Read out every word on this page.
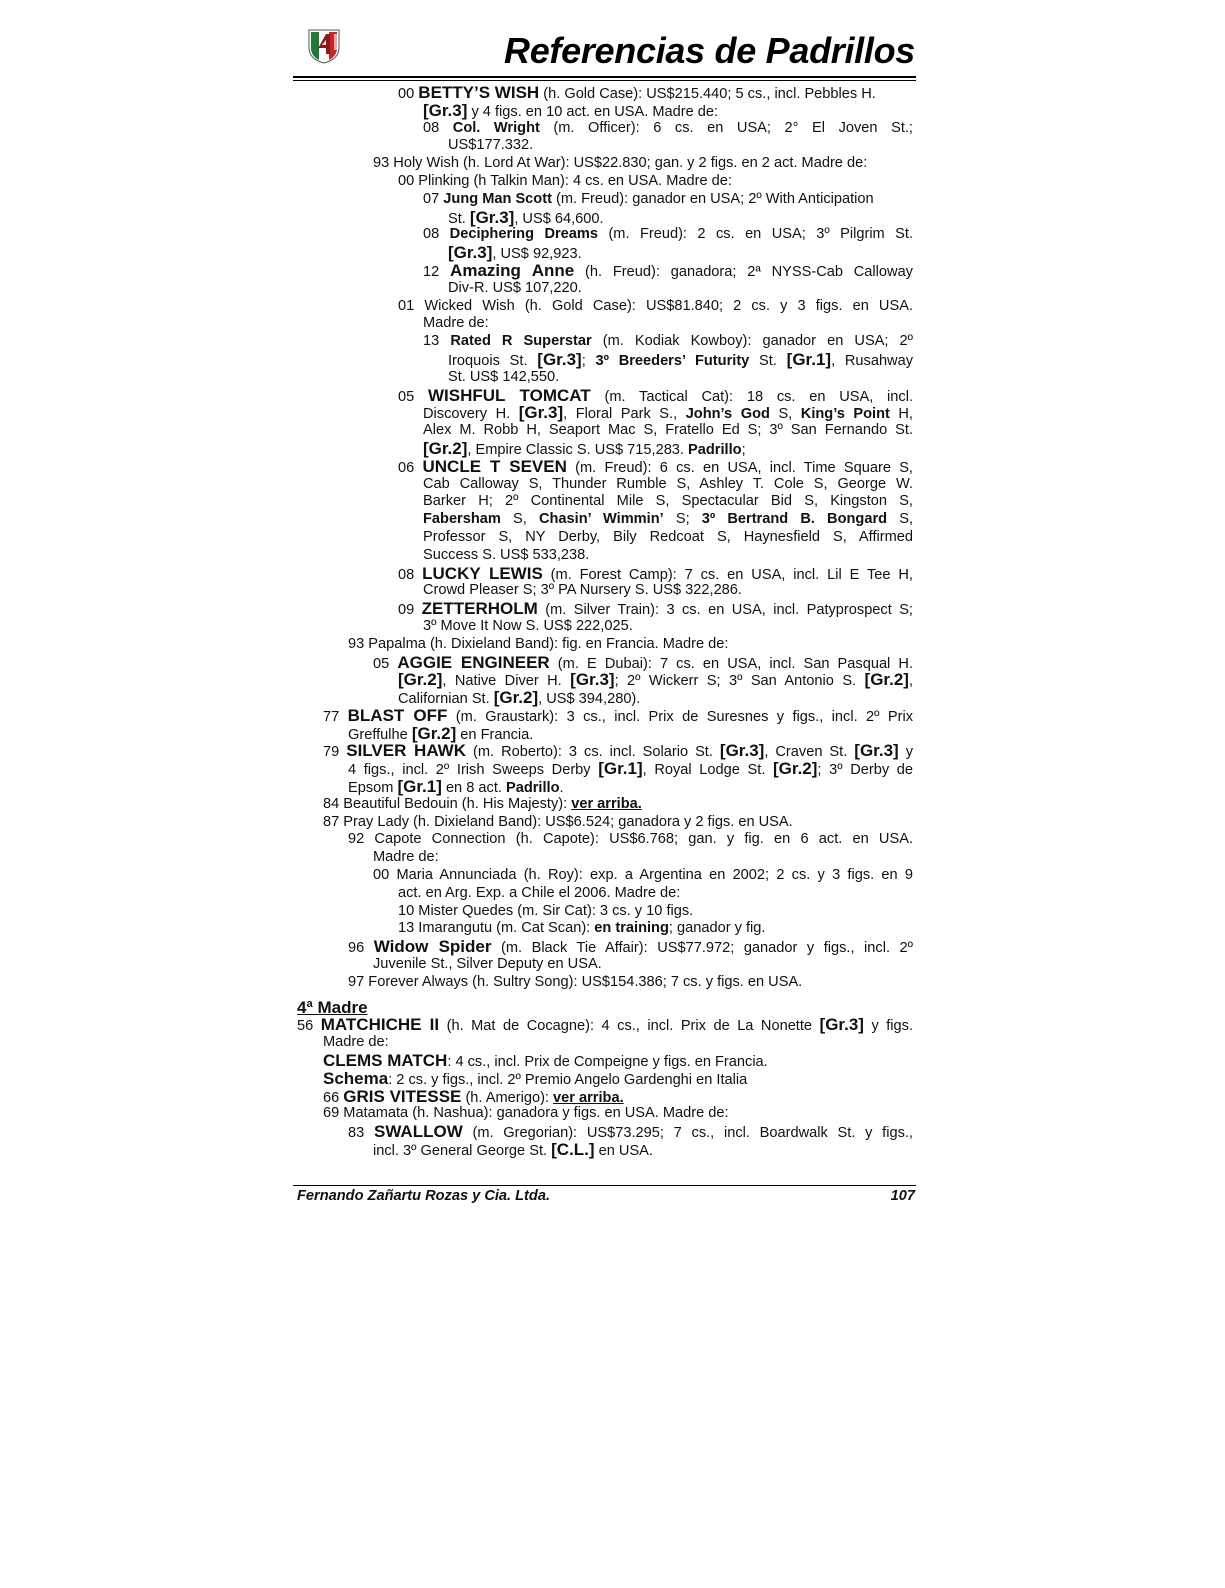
Referencias de Padrillos
00 BETTY’S WISH (h. Gold Case): US$215.440; 5 cs., incl. Pebbles H.
[Gr.3] y 4 figs. en 10 act. en USA. Madre de:
08 Col. Wright (m. Officer): 6 cs. en USA; 2° El Joven St.;
US$177.332.
93 Holy Wish (h. Lord At War): US$22.830; gan. y 2 figs. en 2 act. Madre de:
00 Plinking (h Talkin Man): 4 cs. en USA. Madre de:
07 Jung Man Scott (m. Freud): ganador en USA; 2º With Anticipation
St. [Gr.3], US$ 64,600.
08 Deciphering Dreams (m. Freud): 2 cs. en USA; 3º Pilgrim St.
[Gr.3], US$ 92,923.
12 Amazing Anne (h. Freud): ganadora; 2ª NYSS-Cab Calloway
Div-R. US$ 107,220.
01 Wicked Wish (h. Gold Case): US$81.840; 2 cs. y 3 figs. en USA.
Madre de:
13 Rated R Superstar (m. Kodiak Kowboy): ganador en USA; 2º
Iroquois St. [Gr.3]; 3º Breeders’ Futurity St. [Gr.1], Rusahway
St. US$ 142,550.
05 WISHFUL TOMCAT (m. Tactical Cat): 18 cs. en USA, incl.
Discovery H. [Gr.3], Floral Park S., John’s God S, King’s Point H,
Alex M. Robb H, Seaport Mac S, Fratello Ed S; 3º San Fernando St.
[Gr.2], Empire Classic S. US$ 715,283. Padrillo;
06 UNCLE T SEVEN (m. Freud): 6 cs. en USA, incl. Time Square S,
Cab Calloway S, Thunder Rumble S, Ashley T. Cole S, George W.
Barker H; 2º Continental Mile S, Spectacular Bid S, Kingston S,
Fabersham S, Chasin’ Wimmin’ S; 3º Bertrand B. Bongard S,
Professor S, NY Derby, Bily Redcoat S, Haynesfield S, Affirmed
Success S. US$ 533,238.
08 LUCKY LEWIS (m. Forest Camp): 7 cs. en USA, incl. Lil E Tee H,
Crowd Pleaser S; 3º PA Nursery S. US$ 322,286.
09 ZETTERHOLM (m. Silver Train): 3 cs. en USA, incl. Patyprospect S;
3º Move It Now S. US$ 222,025.
93 Papalma (h. Dixieland Band): fig. en Francia. Madre de:
05 AGGIE ENGINEER (m. E Dubai): 7 cs. en USA, incl. San Pasqual H.
[Gr.2], Native Diver H. [Gr.3]; 2º Wickerr S; 3º San Antonio S. [Gr.2],
Californian St. [Gr.2], US$ 394,280).
77 BLAST OFF (m. Graustark): 3 cs., incl. Prix de Suresnes y figs., incl. 2º Prix
Greffulhe [Gr.2] en Francia.
79 SILVER HAWK (m. Roberto): 3 cs. incl. Solario St. [Gr.3], Craven St. [Gr.3] y
4 figs., incl. 2º Irish Sweeps Derby [Gr.1], Royal Lodge St. [Gr.2]; 3º Derby de
Epsom [Gr.1] en 8 act. Padrillo.
84 Beautiful Bedouin (h. His Majesty): ver arriba.
87 Pray Lady (h. Dixieland Band): US$6.524; ganadora y 2 figs. en USA.
92 Capote Connection (h. Capote): US$6.768; gan. y fig. en 6 act. en USA.
Madre de:
00 Maria Annunciada (h. Roy): exp. a Argentina en 2002; 2 cs. y 3 figs. en 9
act. en Arg. Exp. a Chile el 2006. Madre de:
10 Mister Quedes (m. Sir Cat): 3 cs. y 10 figs.
13 Imarangutu (m. Cat Scan): en training; ganador y fig.
96 Widow Spider (m. Black Tie Affair): US$77.972; ganador y figs., incl. 2º
Juvenile St., Silver Deputy en USA.
97 Forever Always (h. Sultry Song): US$154.386; 7 cs. y figs. en USA.
4ª Madre
56 MATCHICHE II (h. Mat de Cocagne): 4 cs., incl. Prix de La Nonette [Gr.3] y figs.
Madre de:
CLEMS MATCH: 4 cs., incl. Prix de Compeigne y figs. en Francia.
Schema: 2 cs. y figs., incl. 2º Premio Angelo Gardenghi en Italia
66 GRIS VITESSE (h. Amerigo): ver arriba.
69 Matamata (h. Nashua): ganadora y figs. en USA. Madre de:
83 SWALLOW (m. Gregorian): US$73.295; 7 cs., incl. Boardwalk St. y figs.,
incl. 3º General George St. [C.L.] en USA.
Fernando Zañartu Rozas y Cia. Ltda.	107
